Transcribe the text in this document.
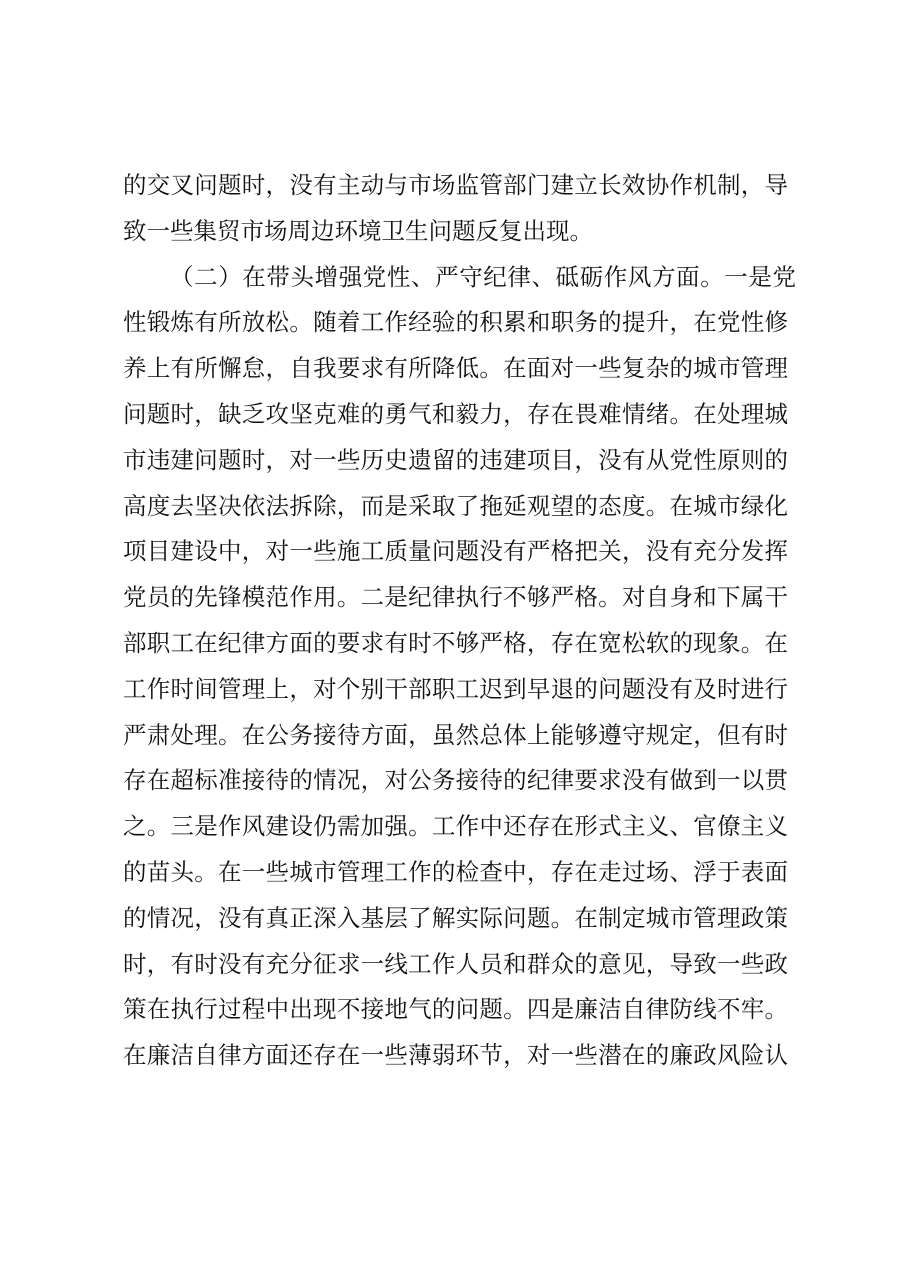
的交叉问题时，没有主动与市场监管部门建立长效协作机制，导
致一些集贸市场周边环境卫生问题反复出现。
（二）在带头增强党性、严守纪律、砥砺作风方面。一是党
性锻炼有所放松。随着工作经验的积累和职务的提升，在党性修
养上有所懈怠，自我要求有所降低。在面对一些复杂的城市管理
问题时，缺乏攻坚克难的勇气和毅力，存在畏难情绪。在处理城
市违建问题时，对一些历史遗留的违建项目，没有从党性原则的
高度去坚决依法拆除，而是采取了拖延观望的态度。在城市绿化
项目建设中，对一些施工质量问题没有严格把关，没有充分发挥
党员的先锋模范作用。二是纪律执行不够严格。对自身和下属干
部职工在纪律方面的要求有时不够严格，存在宽松软的现象。在
工作时间管理上，对个别干部职工迟到早退的问题没有及时进行
严肃处理。在公务接待方面，虽然总体上能够遵守规定，但有时
存在超标准接待的情况，对公务接待的纪律要求没有做到一以贯
之。三是作风建设仍需加强。工作中还存在形式主义、官僚主义
的苗头。在一些城市管理工作的检查中，存在走过场、浮于表面
的情况，没有真正深入基层了解实际问题。在制定城市管理政策
时，有时没有充分征求一线工作人员和群众的意见，导致一些政
策在执行过程中出现不接地气的问题。四是廉洁自律防线不牢。
在廉洁自律方面还存在一些薄弱环节，对一些潜在的廉政风险认
